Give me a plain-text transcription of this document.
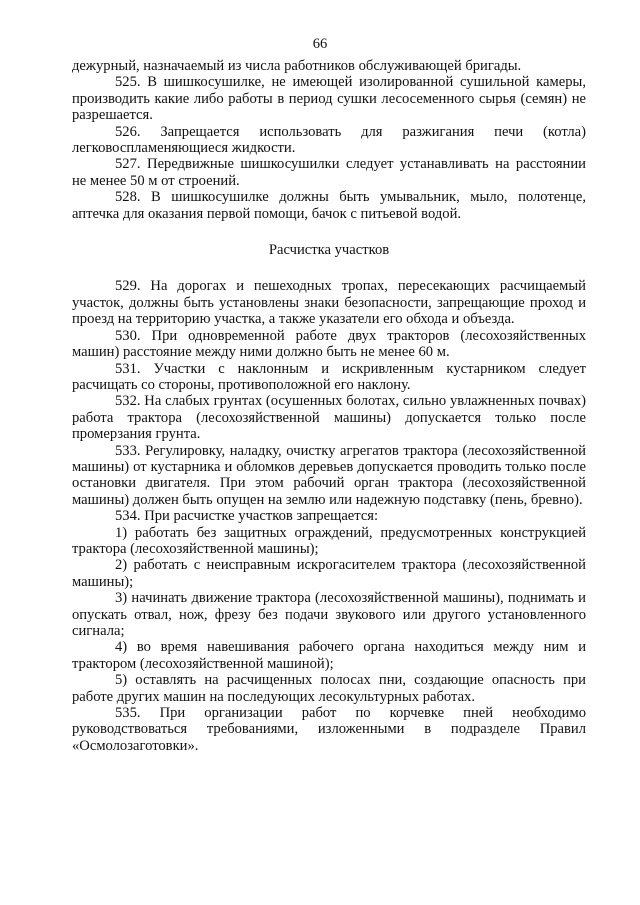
66

дежурный, назначаемый из числа работников обслуживающей бригады.

525. В шишкосушилке, не имеющей изолированной сушильной камеры, производить какие либо работы в период сушки лесосеменного сырья (семян) не разрешается.

526. Запрещается использовать для разжигания печи (котла) легковоспламеняющиеся жидкости.

527. Передвижные шишкосушилки следует устанавливать на расстоянии не менее 50 м от строений.

528. В шишкосушилке должны быть умывальник, мыло, полотенце, аптечка для оказания первой помощи, бачок с питьевой водой.

Расчистка участков

529. На дорогах и пешеходных тропах, пересекающих расчищаемый участок, должны быть установлены знаки безопасности, запрещающие проход и проезд на территорию участка, а также указатели его обхода и объезда.

530. При одновременной работе двух тракторов (лесохозяйственных машин) расстояние между ними должно быть не менее 60 м.

531. Участки с наклонным и искривленным кустарником следует расчищать со стороны, противоположной его наклону.

532. На слабых грунтах (осушенных болотах, сильно увлажненных почвах) работа трактора (лесохозяйственной машины) допускается только после промерзания грунта.

533. Регулировку, наладку, очистку агрегатов трактора (лесохозяйственной машины) от кустарника и обломков деревьев допускается проводить только после остановки двигателя. При этом рабочий орган трактора (лесохозяйственной машины) должен быть опущен на землю или надежную подставку (пень, бревно).

534. При расчистке участков запрещается:

1) работать без защитных ограждений, предусмотренных конструкцией трактора (лесохозяйственной машины);

2) работать с неисправным искрогасителем трактора (лесохозяйственной машины);

3) начинать движение трактора (лесохозяйственной машины), поднимать и опускать отвал, нож, фрезу без подачи звукового или другого установленного сигнала;

4) во время навешивания рабочего органа находиться между ним и трактором (лесохозяйственной машиной);

5) оставлять на расчищенных полосах пни, создающие опасность при работе других машин на последующих лесокультурных работах.

535. При организации работ по корчевке пней необходимо руководствоваться требованиями, изложенными в подразделе Правил «Осмолозаготовки».
